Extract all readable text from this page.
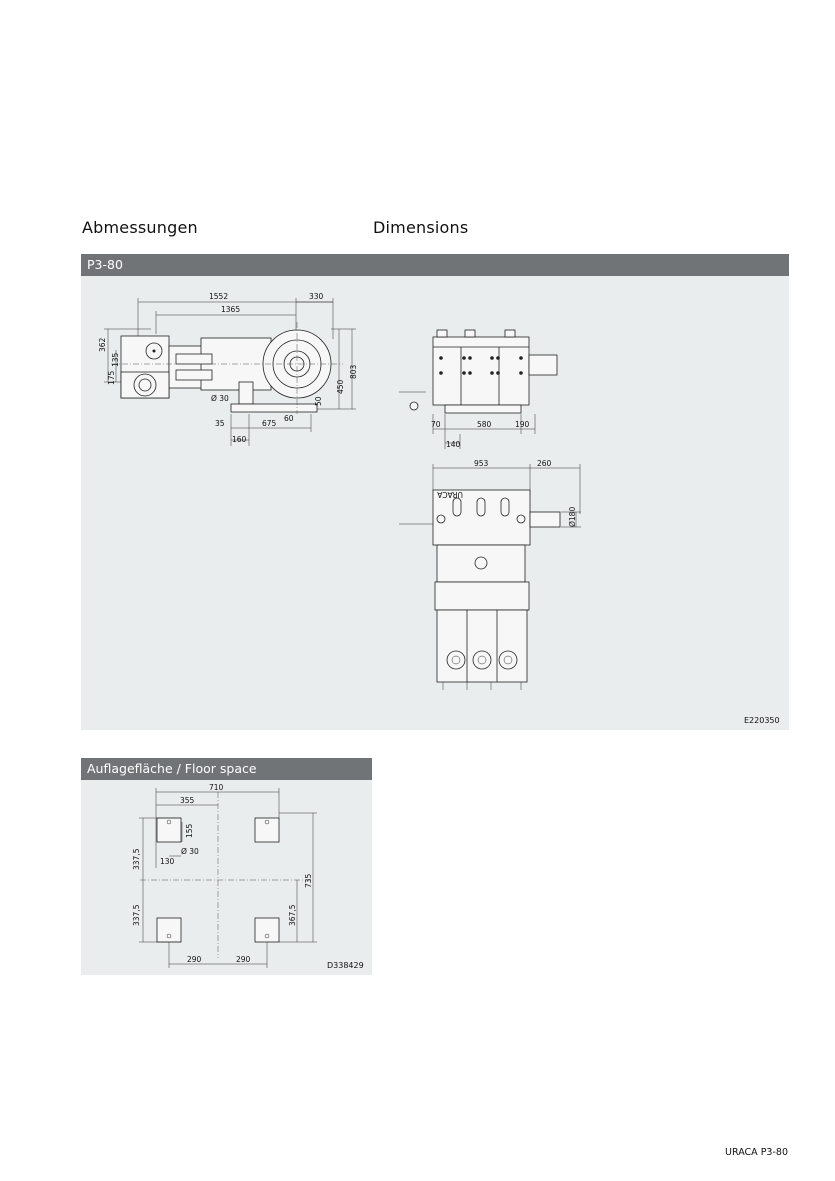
Abmessungen	Dimensions
P3-80
1552	330
1365
362
135
175
Ø 30
450
803
50
60
35	675
160
70	580	190
140
953	260
Ø180
URACA
E220350
Auflagefläche / Floor space
710
355
155
Ø 30
130
337,5
735
337,5	367,5
290	290
D338429
URACA P3-80
